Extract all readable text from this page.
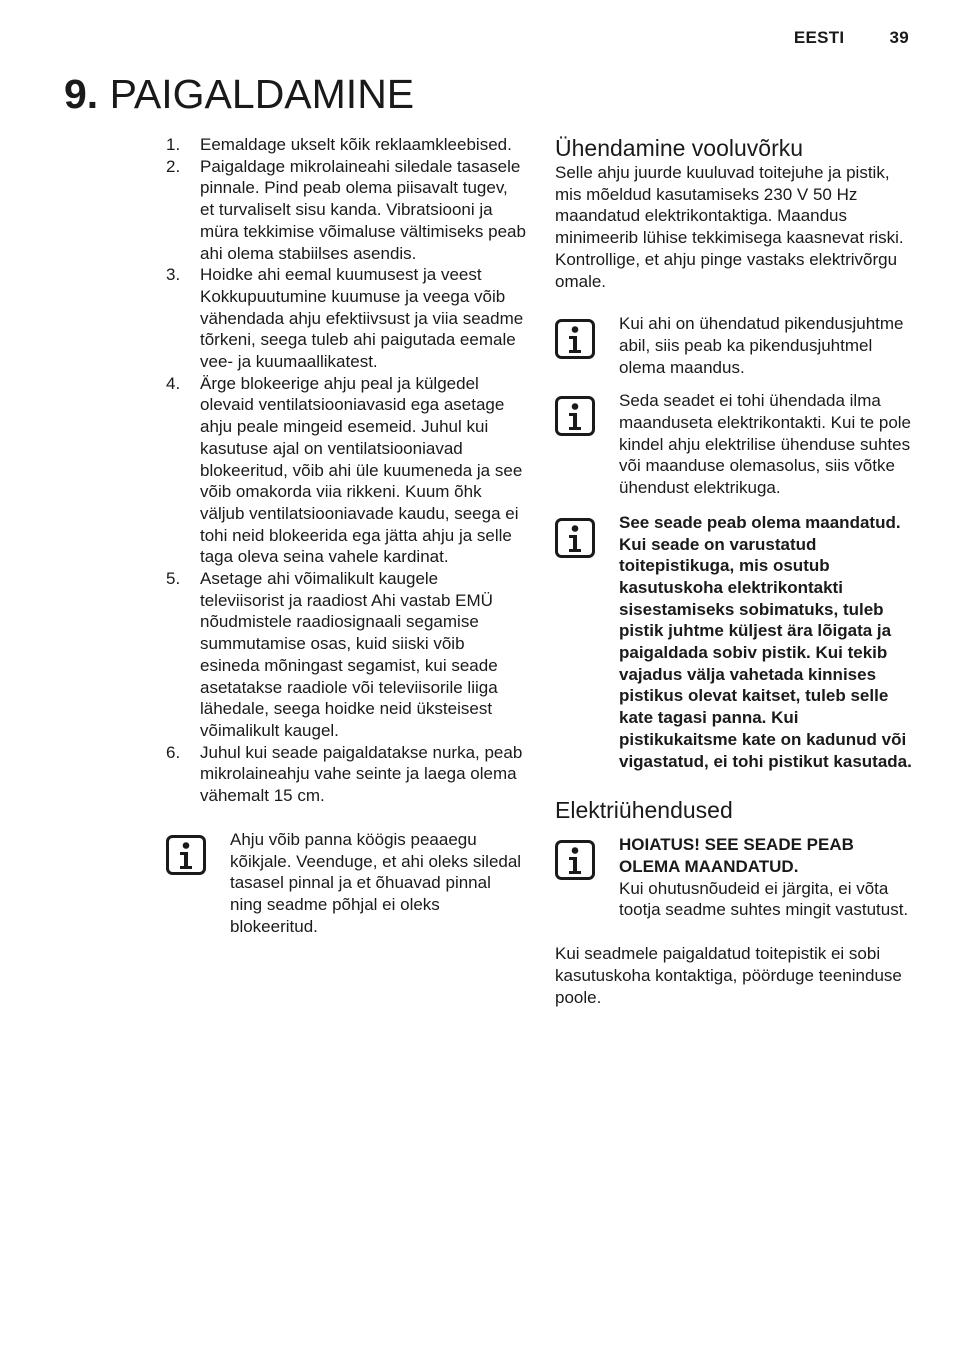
EESTI	39
9. PAIGALDAMINE
1. Eemaldage ukselt kõik reklaamkleebised.
2. Paigaldage mikrolaineahi siledale tasasele pinnale. Pind peab olema piisavalt tugev, et turvaliselt sisu kanda. Vibratsiooni ja müra tekkimise võimaluse vältimiseks peab ahi olema stabiilses asendis.
3. Hoidke ahi eemal kuumusest ja veest Kokkupuutumine kuumuse ja veega võib vähendada ahju efektiivsust ja viia seadme tõrkeni, seega tuleb ahi paigutada eemale vee- ja kuumaallikatest.
4. Ärge blokeerige ahju peal ja külgedel olevaid ventilatsiooniavasid ega asetage ahju peale mingeid esemeid. Juhul kui kasutuse ajal on ventilatsiooniavad blokeeritud, võib ahi üle kuumeneda ja see võib omakorda viia rikkeni. Kuum õhk väljub ventilatsiooniavade kaudu, seega ei tohi neid blokeerida ega jätta ahju ja selle taga oleva seina vahele kardinat.
5. Asetage ahi võimalikult kaugele televiisorist ja raadiost Ahi vastab EMÜ nõudmistele raadiosignaali segamise summutamise osas, kuid siiski võib esineda mõningast segamist, kui seade asetatakse raadiole või televiisorile liiga lähedale, seega hoidke neid üksteisest võimalikult kaugel.
6. Juhul kui seade paigaldatakse nurka, peab mikrolaineahju vahe seinte ja laega olema vähemalt 15 cm.
Ahju võib panna köögis peaaegu kõikjale. Veenduge, et ahi oleks siledal tasasel pinnal ja et õhuavad pinnal ning seadme põhjal ei oleks blokeeritud.
Ühendamine vooluvõrku

Selle ahju juurde kuuluvad toitejuhe ja pistik, mis mõeldud kasutamiseks 230 V 50 Hz maandatud elektrikontaktiga. Maandus minimeerib lühise tekkimisega kaasnevat riski. Kontrollige, et ahju pinge vastaks elektrivõrgu omale.

Kui ahi on ühendatud pikendusjuhtme abil, siis peab ka pikendusjuhtmel olema maandus.
Seda seadet ei tohi ühendada ilma maanduseta elektrikontakti. Kui te pole kindel ahju elektrilise ühenduse suhtes või maanduse olemasolus, siis võtke ühendust elektrikuga.
See seade peab olema maandatud. Kui seade on varustatud toitepistikuga, mis osutub kasutuskoha elektrikontakti sisestamiseks sobimatuks, tuleb pistik juhtme küljest ära lõigata ja paigaldada sobiv pistik. Kui tekib vajadus välja vahetada kinnises pistikus olevat kaitset, tuleb selle kate tagasi panna. Kui pistikukaitsme kate on kadunud või vigastatud, ei tohi pistikut kasutada.
Elektriühendused
HOIATUS! SEE SEADE PEAB OLEMA MAANDATUD.
Kui ohutusnõudeid ei järgita, ei võta tootja seadme suhtes mingit vastutust.

Kui seadmele paigaldatud toitepistik ei sobi kasutuskoha kontaktiga, pöörduge teeninduse poole.
